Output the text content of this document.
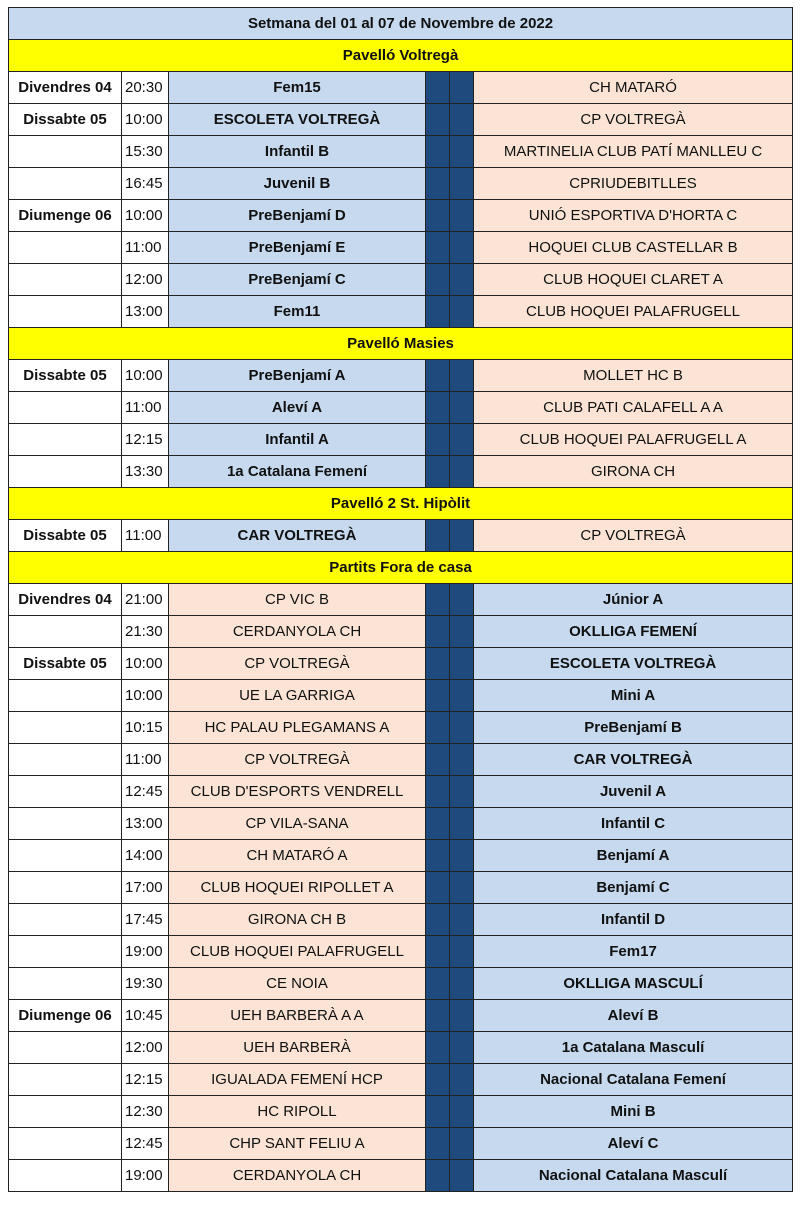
Setmana del 01 al 07 de Novembre de 2022					
Pavelló Voltregà					
Divendres 04	20:30	Fem15			CH MATARÓ
Dissabte 05	10:00	ESCOLETA VOLTREGÀ			CP VOLTREGÀ
	15:30	Infantil B			MARTINELIA CLUB PATÍ MANLLEU C
	16:45	Juvenil B			CPRIUDEBITLLES
Diumenge 06	10:00	PreBenjamí D			UNIÓ ESPORTIVA D'HORTA C
	11:00	PreBenjamí E			HOQUEI CLUB CASTELLAR B
	12:00	PreBenjamí C			CLUB HOQUEI CLARET A
	13:00	Fem11			CLUB HOQUEI PALAFRUGELL
Pavelló Masies					
Dissabte 05	10:00	PreBenjamí A			MOLLET HC B
	11:00	Aleví A			CLUB PATI CALAFELL A A
	12:15	Infantil A			CLUB HOQUEI PALAFRUGELL A
	13:30	1a Catalana Femení			GIRONA CH
Pavelló 2 St. Hipòlit					
Dissabte 05	11:00	CAR VOLTREGÀ			CP VOLTREGÀ
Partits Fora de casa					
Divendres 04	21:00	CP VIC B			Júnior A
	21:30	CERDANYOLA CH			OKLLIGA FEMENÍ
Dissabte 05	10:00	CP VOLTREGÀ			ESCOLETA VOLTREGÀ
	10:00	UE LA GARRIGA			Mini A
	10:15	HC PALAU PLEGAMANS A			PreBenjamí B
	11:00	CP VOLTREGÀ			CAR VOLTREGÀ
	12:45	CLUB D'ESPORTS VENDRELL			Juvenil A
	13:00	CP VILA-SANA			Infantil C
	14:00	CH MATARÓ A			Benjamí A
	17:00	CLUB HOQUEI RIPOLLET A			Benjamí C
	17:45	GIRONA CH B			Infantil D
	19:00	CLUB HOQUEI PALAFRUGELL			Fem17
	19:30	CE NOIA			OKLLIGA MASCULÍ
Diumenge 06	10:45	UEH BARBERÀ A A			Aleví B
	12:00	UEH BARBERÀ			1a Catalana Masculí
	12:15	IGUALADA FEMENÍ HCP			Nacional Catalana Femení
	12:30	HC RIPOLL			Mini B
	12:45	CHP SANT FELIU A			Aleví C
	19:00	CERDANYOLA CH			Nacional Catalana Masculí
